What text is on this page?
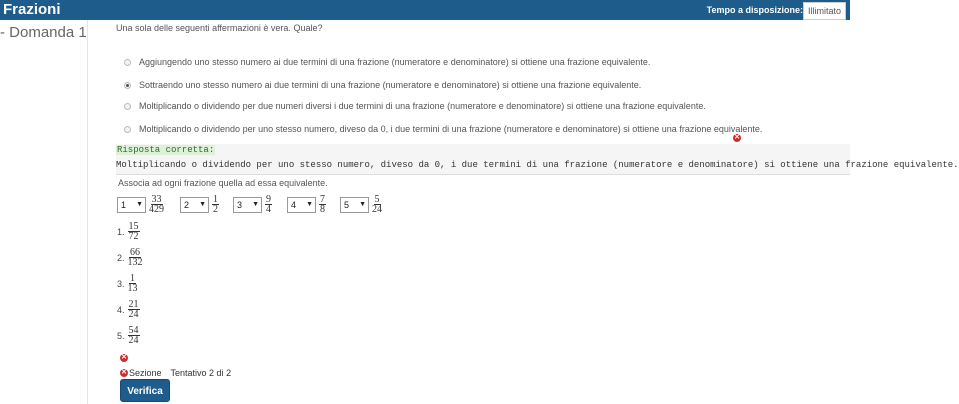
Frazioni	Tempo a disposizione: Illimitato
- Domanda 1	Una sola delle seguenti affermazioni è vera. Quale?
Aggiungendo uno stesso numero ai due termini di una frazione (numeratore e denominatore) si ottiene una frazione equivalente.
Sottraendo uno stesso numero ai due termini di una frazione (numeratore e denominatore) si ottiene una frazione equivalente.
Moltiplicando o dividendo per due numeri diversi i due termini di una frazione (numeratore e denominatore) si ottiene una frazione equivalente.
Moltiplicando o dividendo per uno stesso numero, diveso da 0, i due termini di una frazione (numeratore e denominatore) si ottiene una frazione equivalente.
✕
Risposta corretta:
Moltiplicando o dividendo per uno stesso numero, diveso da 0, i due termini di una frazione (numeratore e denominatore) si ottiene una frazione equivalente.
Associa ad ogni frazione quella ad essa equivalente.
1 ▼ $\frac{33}{429} 2$ ▼ $\frac{1}{2} 3$ ▼ $\frac{9}{4} 4$ ▼ $\frac{7}{8} 5$ ▼ $\frac{5}{24}$
1. $\frac{15}{72}$
2. $\frac{66}{132}$
3. $\frac{1}{13}$
4. $\frac{21}{24}$
5. $\frac{54}{24}$
✕
✕ Sezione Tentativo 2 di 2
Verifica
